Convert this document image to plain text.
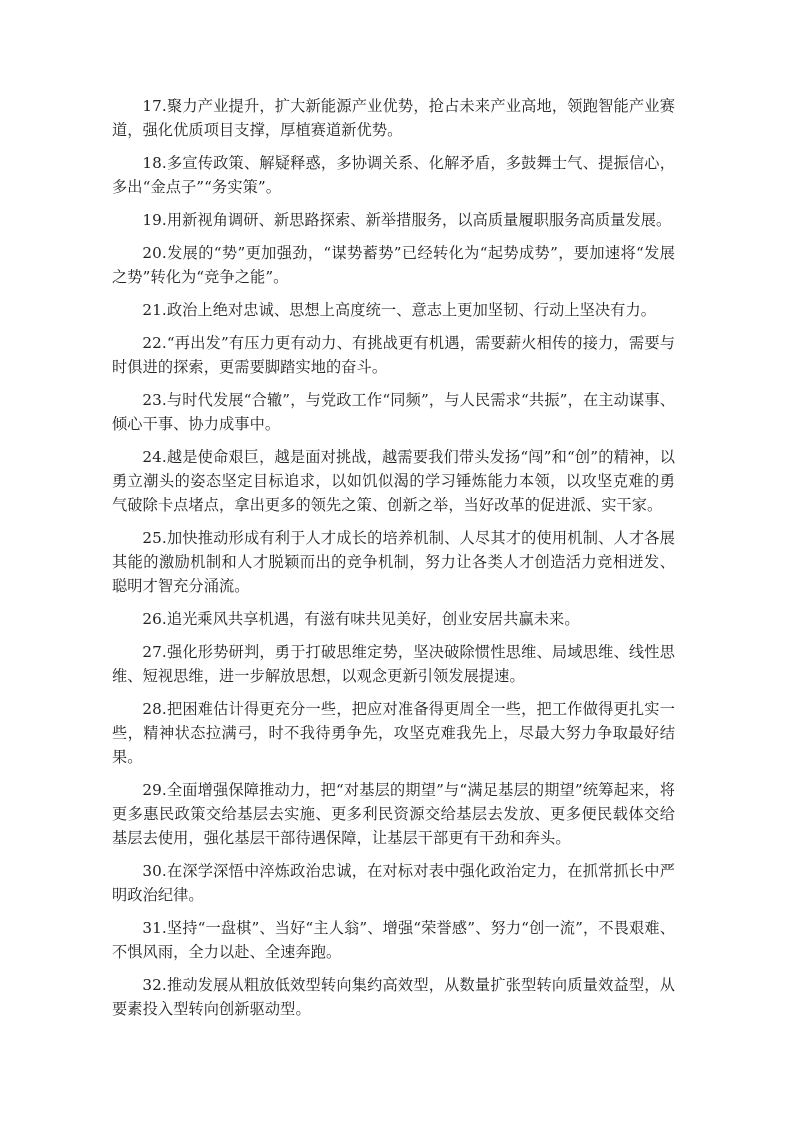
17.聚力产业提升，扩大新能源产业优势，抢占未来产业高地，领跑智能产业赛道，强化优质项目支撑，厚植赛道新优势。

18.多宣传政策、解疑释惑，多协调关系、化解矛盾，多鼓舞士气、提振信心，多出“金点子”“务实策”。

19.用新视角调研、新思路探索、新举措服务，以高质量履职服务高质量发展。

20.发展的“势”更加强劲，“谋势蓄势”已经转化为“起势成势”，要加速将“发展之势”转化为“竞争之能”。

21.政治上绝对忠诚、思想上高度统一、意志上更加坚韧、行动上坚决有力。

22.“再出发”有压力更有动力、有挑战更有机遇，需要薪火相传的接力，需要与时俱进的探索，更需要脚踏实地的奋斗。

23.与时代发展“合辙”，与党政工作“同频”，与人民需求“共振”，在主动谋事、倾心干事、协力成事中。

24.越是使命艰巨，越是面对挑战，越需要我们带头发扬“闯”和“创”的精神，以勇立潮头的姿态坚定目标追求，以如饥似渴的学习锤炼能力本领，以攻坚克难的勇气破除卡点堵点，拿出更多的领先之策、创新之举，当好改革的促进派、实干家。

25.加快推动形成有利于人才成长的培养机制、人尽其才的使用机制、人才各展其能的激励机制和人才脱颖而出的竞争机制，努力让各类人才创造活力竞相迸发、聪明才智充分涌流。

26.追光乘风共享机遇，有滋有味共见美好，创业安居共赢未来。

27.强化形势研判，勇于打破思维定势，坚决破除惯性思维、局域思维、线性思维、短视思维，进一步解放思想，以观念更新引领发展提速。

28.把困难估计得更充分一些，把应对准备得更周全一些，把工作做得更扎实一些，精神状态拉满弓，时不我待勇争先，攻坚克难我先上，尽最大努力争取最好结果。

29.全面增强保障推动力，把“对基层的期望”与“满足基层的期望”统筹起来，将更多惠民政策交给基层去实施、更多利民资源交给基层去发放、更多便民载体交给基层去使用，强化基层干部待遇保障，让基层干部更有干劲和奔头。

30.在深学深悟中淬炼政治忠诚，在对标对表中强化政治定力，在抓常抓长中严明政治纪律。

31.坚持“一盘棋”、当好“主人翁”、增强“荣誉感”、努力“创一流”，不畏艰难、不惧风雨，全力以赴、全速奔跑。

32.推动发展从粗放低效型转向集约高效型，从数量扩张型转向质量效益型，从要素投入型转向创新驱动型。
